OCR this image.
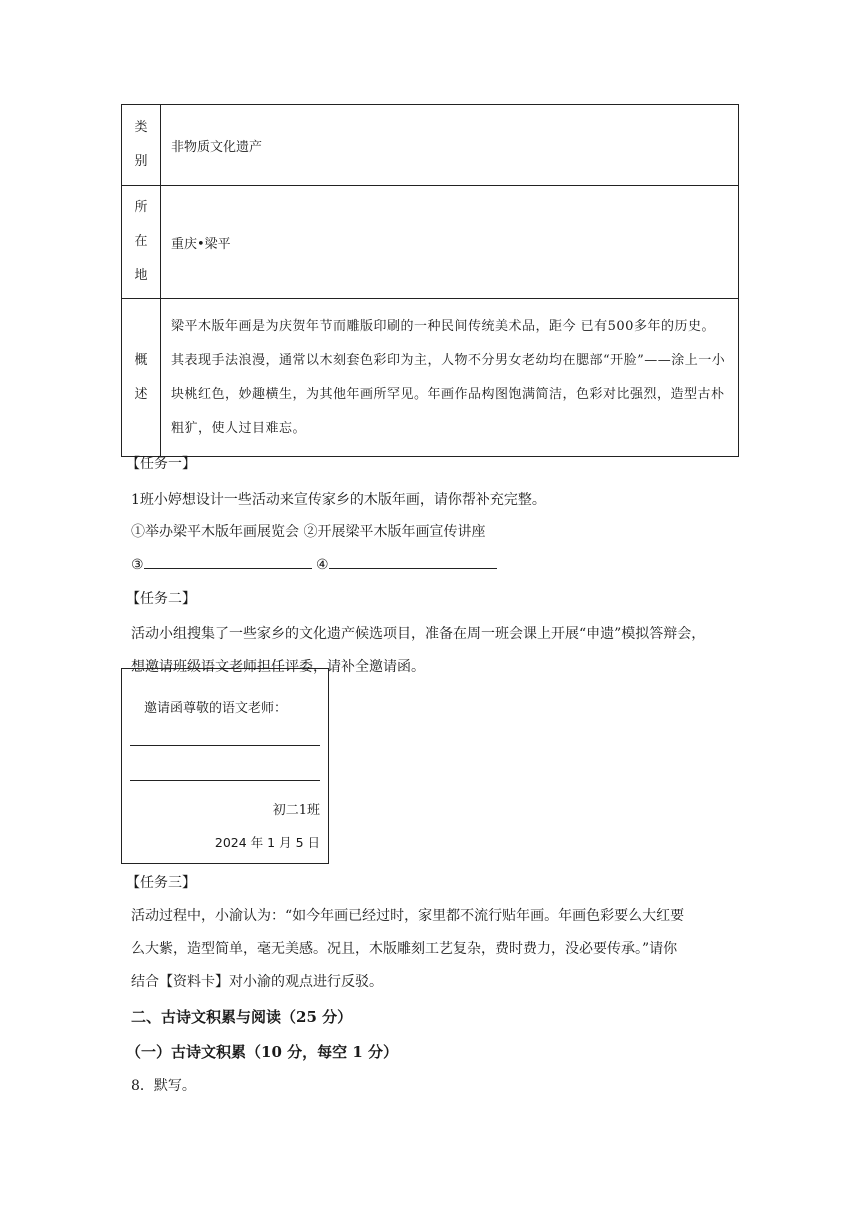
类
别	非物质文化遗产

所
在
地	重庆•梁平

概
述	梁平木版年画是为庆贺年节而雕版印刷的一种民间传统美术品，距今 已有500多年的历史。其表现手法浪漫，通常以木刻套色彩印为主，人物不分男女老幼均在腮部“开脸”——涂上一小块桃红色，妙趣横生，为其他年画所罕见。年画作品构图饱满简洁，色彩对比强烈，造型古朴粗犷，使人过目难忘。
【任务一】
1班小婷想设计一些活动来宣传家乡的木版年画，请你帮补充完整。
①举办梁平木版年画展览会 ②开展梁平木版年画宣传讲座
③	④
【任务二】
活动小组搜集了一些家乡的文化遗产候选项目，准备在周一班会课上开展“申遗”模拟答辩会，
想邀请班级语文老师担任评委，请补全邀请函。
邀请函尊敬的语文老师：
初二1班
2024 年 1 月 5 日
【任务三】
活动过程中，小渝认为：“如今年画已经过时，家里都不流行贴年画。年画色彩要么大红要
么大紫，造型简单，毫无美感。况且，木版雕刻工艺复杂，费时费力，没必要传承。”请你
结合【资料卡】对小渝的观点进行反驳。
二、古诗文积累与阅读（25 分）
（一）古诗文积累（10 分，每空 1 分）
8．默写。
